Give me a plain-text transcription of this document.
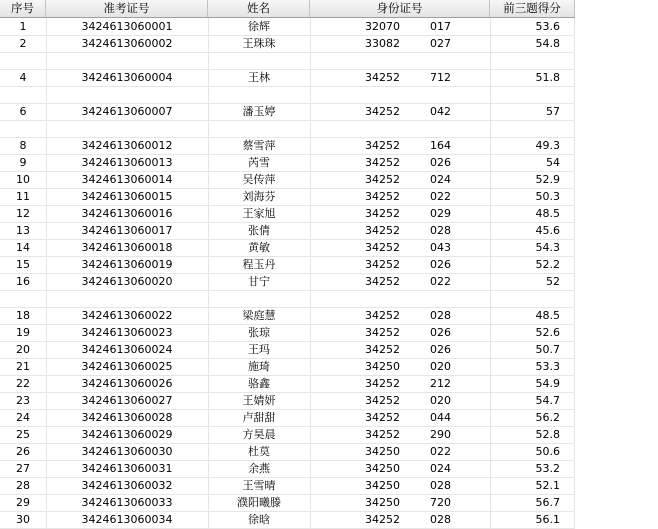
序号	准考证号	姓名	身份证号	前三题得分
1	3424613060001	徐辉	32070	017	53.6
2	3424613060002	王珠珠	33082	027	54.8
4	3424613060004	王林	34252	712	51.8
6	3424613060007	潘玉婷	34252	042	57
8	3424613060012	蔡雪萍	34252	164	49.3
9	3424613060013	芮雪	34252	026	54
10	3424613060014	吴传萍	34252	024	52.9
11	3424613060015	刘海芬	34252	022	50.3
12	3424613060016	王家旭	34252	029	48.5
13	3424613060017	张倩	34252	028	45.6
14	3424613060018	黄敏	34252	043	54.3
15	3424613060019	程玉丹	34252	026	52.2
16	3424613060020	甘宁	34252	022	52
18	3424613060022	梁庭慧	34252	028	48.5
19	3424613060023	张琼	34252	026	52.6
20	3424613060024	王玛	34252	026	50.7
21	3424613060025	施琦	34250	020	53.3
22	3424613060026	骆鑫	34252	212	54.9
23	3424613060027	王婧妍	34252	020	54.7
24	3424613060028	卢甜甜	34252	044	56.2
25	3424613060029	方昊晨	34252	290	52.8
26	3424613060030	杜莫	34250	022	50.6
27	3424613060031	余燕	34250	024	53.2
28	3424613060032	王雪晴	34250	028	52.1
29	3424613060033	濮阳曦滕	34250	720	56.7
30	3424613060034	徐晗	34252	028	56.1
